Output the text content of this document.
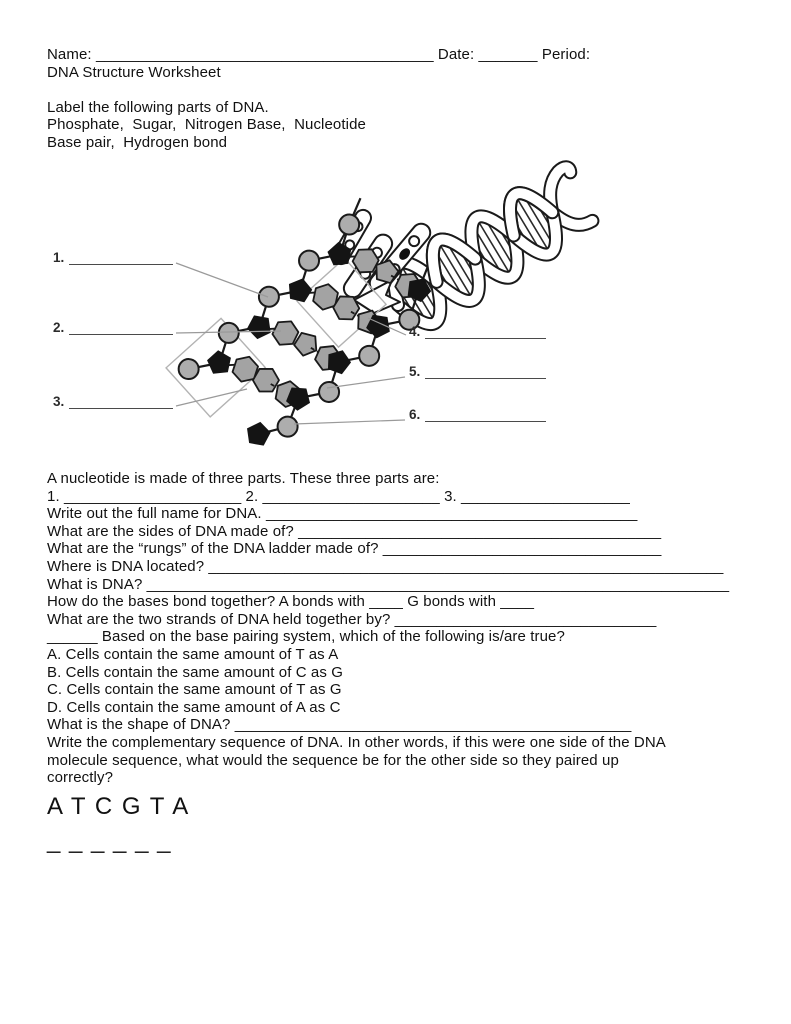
Name: ________________________________________ Date: _______ Period:
DNA Structure Worksheet
Label the following parts of DNA.
Phosphate,  Sugar,  Nitrogen Base,  Nucleotide
Base pair,  Hydrogen bond
1.
2.
3.
4.
5.
6.
A nucleotide is made of three parts. These three parts are:
1. _____________________ 2. _____________________ 3. ____________________
Write out the full name for DNA. ____________________________________________
What are the sides of DNA made of? ___________________________________________
What are the “rungs” of the DNA ladder made of? _________________________________
Where is DNA located? _____________________________________________________________
What is DNA? _____________________________________________________________________
How do the bases bond together? A bonds with ____ G bonds with ____
What are the two strands of DNA held together by? _______________________________
______ Based on the base pairing system, which of the following is/are true?
A. Cells contain the same amount of T as A
B. Cells contain the same amount of C as G
C. Cells contain the same amount of T as G
D. Cells contain the same amount of A as C
What is the shape of DNA? _______________________________________________
Write the complementary sequence of DNA. In other words, if this were one side of the DNA
molecule sequence, what would the sequence be for the other side so they paired up
correctly?
A T C G T A
_ _ _ _ _ _
